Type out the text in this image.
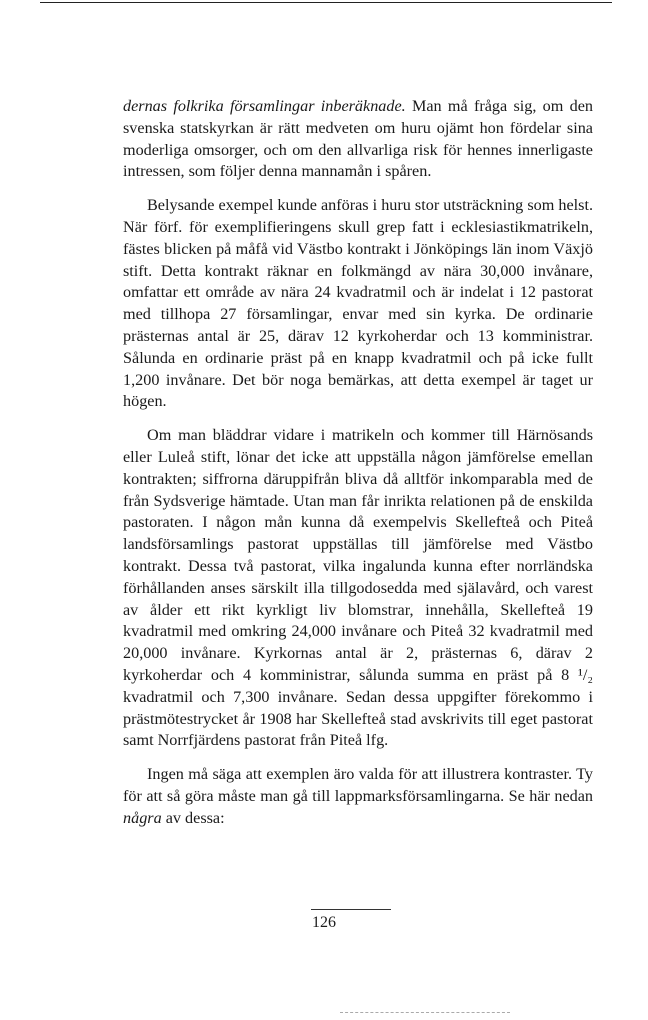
dernas folkrika församlingar inberäknade. Man må fråga sig, om den svenska statskyrkan är rätt medveten om huru ojämt hon fördelar sina moderliga omsorger, och om den allvarliga risk för hennes innerligaste intressen, som följer denna mannamån i spåren.

Belysande exempel kunde anföras i huru stor utsträckning som helst. När förf. för exemplifieringens skull grep fatt i ecklesiastikmatrikeln, fästes blicken på måfå vid Västbo kontrakt i Jönköpings län inom Växjö stift. Detta kontrakt räknar en folkmängd av nära 30,000 invånare, omfattar ett område av nära 24 kvadratmil och är indelat i 12 pastorat med tillhopa 27 församlingar, envar med sin kyrka. De ordinarie prästernas antal är 25, därav 12 kyrkoherdar och 13 komministrar. Sålunda en ordinarie präst på en knapp kvadratmil och på icke fullt 1,200 invånare. Det bör noga bemärkas, att detta exempel är taget ur högen.

Om man bläddrar vidare i matrikeln och kommer till Härnösands eller Luleå stift, lönar det icke att uppställa någon jämförelse emellan kontrakten; siffrorna däruppifrån bliva då alltför inkomparabla med de från Sydsverige hämtade. Utan man får inrikta relationen på de enskilda pastoraten. I någon mån kunna då exempelvis Skellefteå och Piteå landsförsamlings pastorat uppställas till jämförelse med Västbo kontrakt. Dessa två pastorat, vilka ingalunda kunna efter norrländska förhållanden anses särskilt illa tillgodosedda med själavård, och varest av ålder ett rikt kyrkligt liv blomstrar, innehålla, Skellefteå 19 kvadratmil med omkring 24,000 invånare och Piteå 32 kvadratmil med 20,000 invånare. Kyrkornas antal är 2, prästernas 6, därav 2 kyrkoherdar och 4 komministrar, sålunda summa en präst på 8 ¹/₂ kvadratmil och 7,300 invånare. Sedan dessa uppgifter förekommo i prästmötestrycket år 1908 har Skellefteå stad avskrivits till eget pastorat samt Norrfjärdens pastorat från Piteå lfg.

Ingen må säga att exemplen äro valda för att illustrera kontraster. Ty för att så göra måste man gå till lappmarksförsamlingarna. Se här nedan några av dessa:

126
